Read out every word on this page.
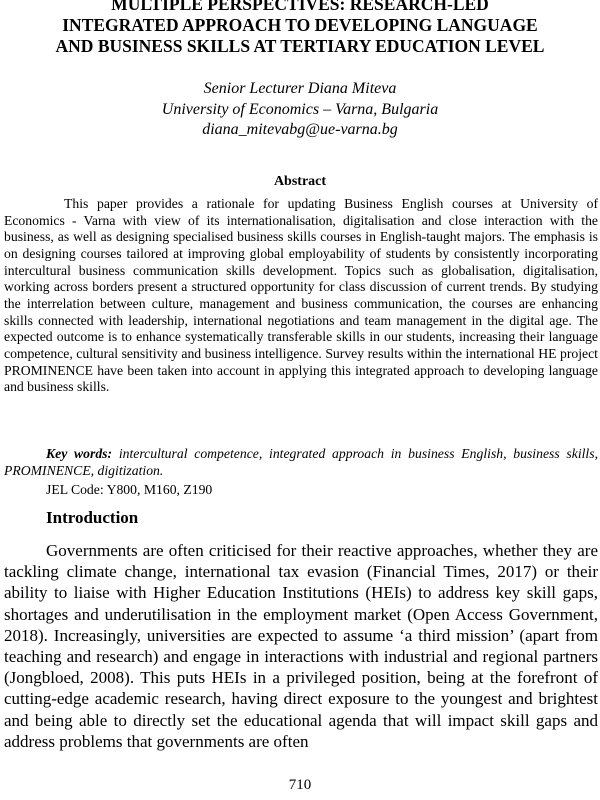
MULTIPLE PERSPECTIVES: RESEARCH-LED
INTEGRATED APPROACH TO DEVELOPING LANGUAGE
AND BUSINESS SKILLS AT TERTIARY EDUCATION LEVEL
Senior Lecturer Diana Miteva
University of Economics – Varna, Bulgaria
diana_mitevabg@ue-varna.bg
Abstract

This paper provides a rationale for updating Business English courses at University of Economics - Varna with view of its internationalisation, digitalisation and close interaction with the business, as well as designing specialised business skills courses in English-taught majors. The emphasis is on designing courses tailored at improving global employability of students by consistently incorporating intercultural business communication skills development. Topics such as globalisation, digitalisation, working across borders present a structured opportunity for class discussion of current trends. By studying the interrelation between culture, management and business communication, the courses are enhancing skills connected with leadership, international negotiations and team management in the digital age. The expected outcome is to enhance systematically transferable skills in our students, increasing their language competence, cultural sensitivity and business intelligence. Survey results within the international HE project PROMINENCE have been taken into account in applying this integrated approach to developing language and business skills.

Key words: intercultural competence, integrated approach in business English, business skills, PROMINENCE, digitization.

JEL Code: Y800, M160, Z190

Introduction

Governments are often criticised for their reactive approaches, whether they are tackling climate change, international tax evasion (Financial Times, 2017) or their ability to liaise with Higher Education Institutions (HEIs) to address key skill gaps, shortages and underutilisation in the employment market (Open Access Government, 2018). Increasingly, universities are expected to assume ‘a third mission’ (apart from teaching and research) and engage in interactions with industrial and regional partners (Jongbloed, 2008). This puts HEIs in a privileged position, being at the forefront of cutting-edge academic research, having direct exposure to the youngest and brightest and being able to directly set the educational agenda that will impact skill gaps and address problems that governments are often

710
